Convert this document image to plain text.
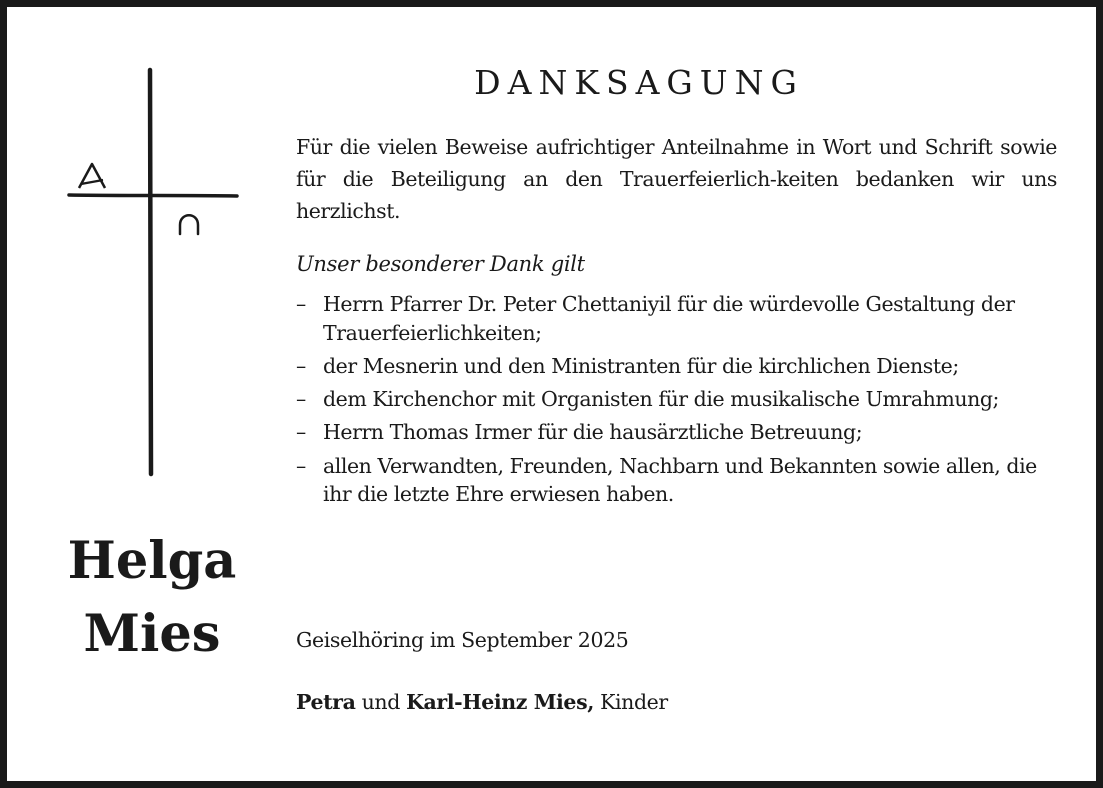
Helga
Mies
DANKSAGUNG
Für die vielen Beweise aufrichtiger Anteilnahme in Wort und Schrift sowie für die Beteiligung an den Trauerfeierlich-keiten bedanken wir uns herzlichst.
Unser besonderer Dank gilt
– Herrn Pfarrer Dr. Peter Chettaniyil für die würdevolle Gestaltung der Trauerfeierlichkeiten;
– der Mesnerin und den Ministranten für die kirchlichen Dienste;
– dem Kirchenchor mit Organisten für die musikalische Umrahmung;
– Herrn Thomas Irmer für die hausärztliche Betreuung;
– allen Verwandten, Freunden, Nachbarn und Bekannten sowie allen, die ihr die letzte Ehre erwiesen haben.
Geiselhöring im September 2025
Petra und Karl-Heinz Mies, Kinder
